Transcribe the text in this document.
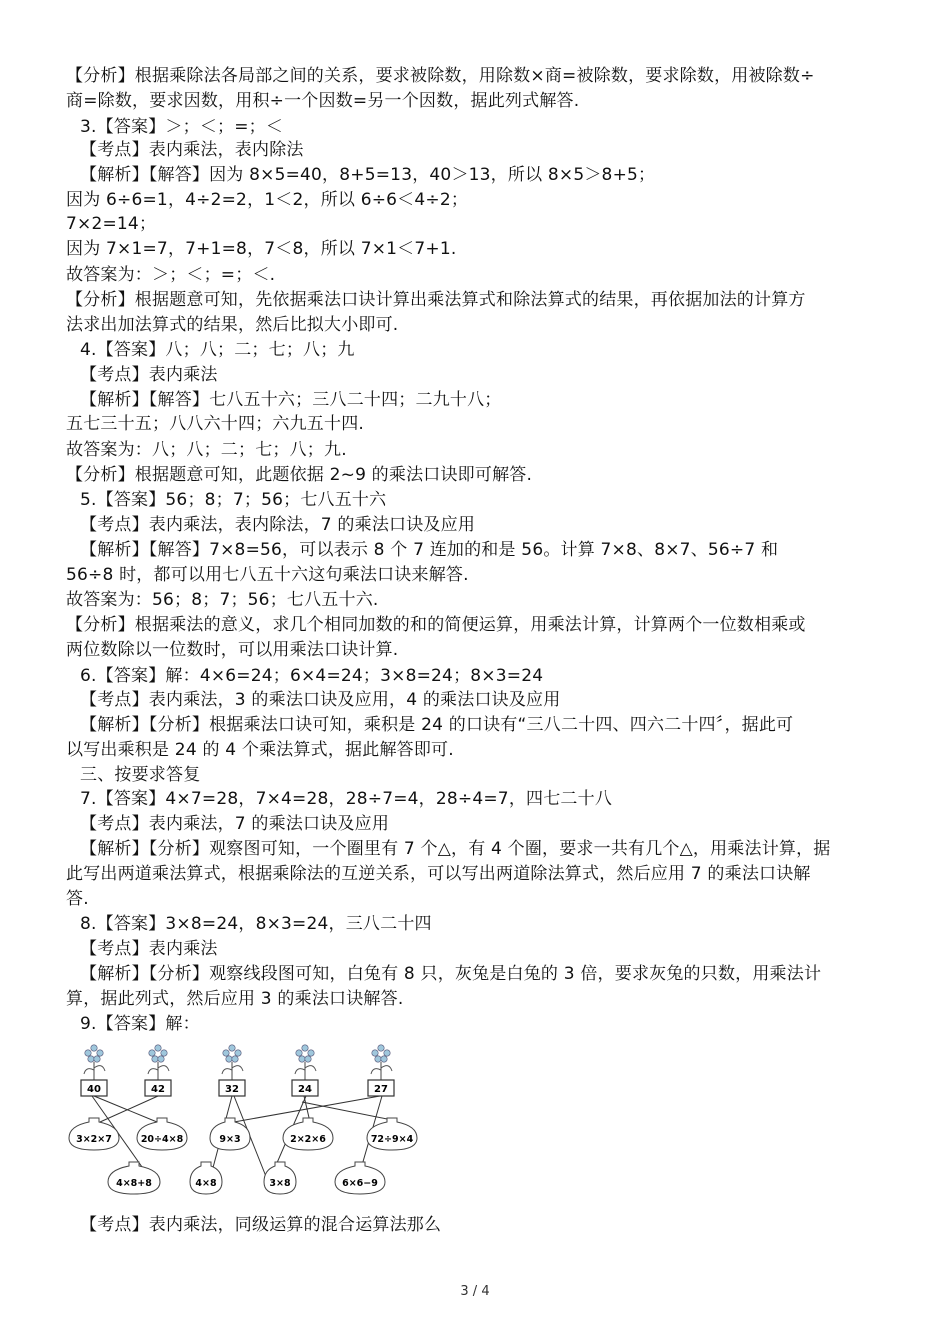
【分析】根据乘除法各局部之间的关系，要求被除数，用除数×商=被除数，要求除数，用被除数÷
商=除数，要求因数，用积÷一个因数=另一个因数，据此列式解答.
3.【答案】＞；＜；=；＜
【考点】表内乘法，表内除法
【解析】【解答】因为 8×5=40，8+5=13，40＞13，所以 8×5＞8+5；
因为 6÷6=1，4÷2=2，1＜2，所以 6÷6＜4÷2；
7×2=14；
因为 7×1=7，7+1=8，7＜8，所以 7×1＜7+1.
故答案为：＞；＜；=；＜.
【分析】根据题意可知，先依据乘法口诀计算出乘法算式和除法算式的结果，再依据加法的计算方
法求出加法算式的结果，然后比拟大小即可.
4.【答案】八；八；二；七；八；九
【考点】表内乘法
【解析】【解答】七八五十六；三八二十四；二九十八；
五七三十五；八八六十四；六九五十四.
故答案为：八；八；二；七；八；九.
【分析】根据题意可知，此题依据 2~9 的乘法口诀即可解答.
5.【答案】56；8；7；56；七八五十六
【考点】表内乘法，表内除法，7 的乘法口诀及应用
【解析】【解答】7×8=56，可以表示 8 个 7 连加的和是 56。计算 7×8、8×7、56÷7 和
56÷8 时，都可以用七八五十六这句乘法口诀来解答.
故答案为：56；8；7；56；七八五十六.
【分析】根据乘法的意义，求几个相同加数的和的简便运算，用乘法计算，计算两个一位数相乘或
两位数除以一位数时，可以用乘法口诀计算.
6.【答案】解：4×6=24；6×4=24；3×8=24；8×3=24
【考点】表内乘法，3 的乘法口诀及应用，4 的乘法口诀及应用
【解析】【分析】根据乘法口诀可知，乘积是 24 的口诀有“三八二十四、四六二十四〞，据此可
以写出乘积是 24 的 4 个乘法算式，据此解答即可.
三、按要求答复
7.【答案】4×7=28，7×4=28，28÷7=4，28÷4=7，四七二十八
【考点】表内乘法，7 的乘法口诀及应用
【解析】【分析】观察图可知，一个圈里有 7 个△，有 4 个圈，要求一共有几个△，用乘法计算，据
此写出两道乘法算式，根据乘除法的互逆关系，可以写出两道除法算式，然后应用 7 的乘法口诀解
答.
8.【答案】3×8=24，8×3=24，三八二十四
【考点】表内乘法
【解析】【分析】观察线段图可知，白兔有 8 只，灰兔是白兔的 3 倍，要求灰兔的只数，用乘法计
算，据此列式，然后应用 3 的乘法口诀解答.
9.【答案】解：
【考点】表内乘法，同级运算的混合运算法那么
40	42	32	24	27
3×2×7	20÷4×8	9×3	2×2×6	72÷9×4
4×8+8	4×8	3×8	6×6−9
3 / 4
